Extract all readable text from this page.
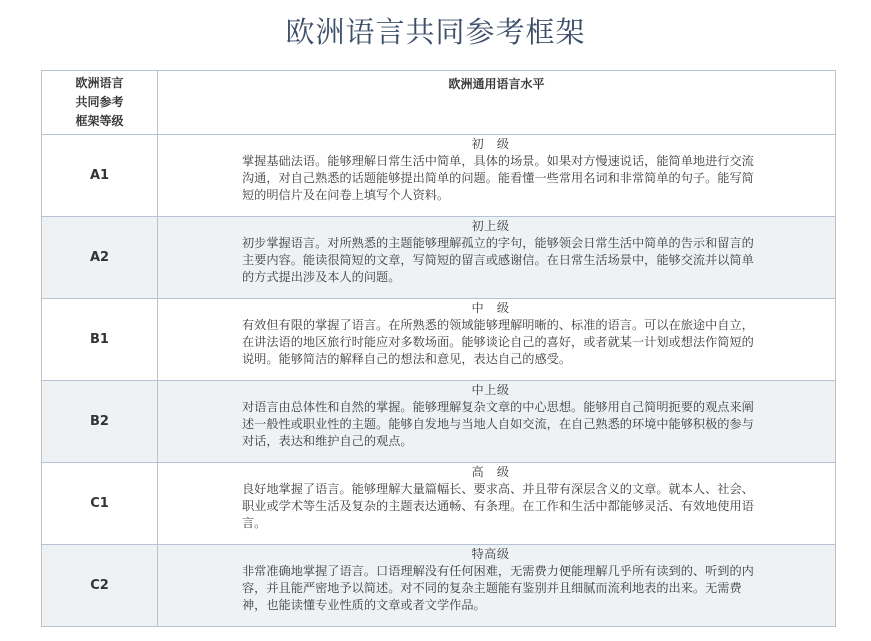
欧洲语言共同参考框架
欧洲语言
共同参考
框架等级	欧洲通用语言水平
A1	初　级
掌握基础法语。能够理解日常生活中简单，具体的场景。如果对方慢速说话，能简单地进行交流沟通，对自己熟悉的话题能够提出简单的问题。能看懂一些常用名词和非常简单的句子。能写简短的明信片及在问卷上填写个人资料。

A2	初上级
初步掌握语言。对所熟悉的主题能够理解孤立的字句，能够领会日常生活中简单的告示和留言的主要内容。能读很简短的文章，写简短的留言或感谢信。在日常生活场景中，能够交流并以简单的方式提出涉及本人的问题。

B1	中　级
有效但有限的掌握了语言。在所熟悉的领域能够理解明晰的、标准的语言。可以在旅途中自立，在讲法语的地区旅行时能应对多数场面。能够谈论自己的喜好，或者就某一计划或想法作简短的说明。能够简洁的解释自己的想法和意见，表达自己的感受。

B2	中上级
对语言由总体性和自然的掌握。能够理解复杂文章的中心思想。能够用自己简明扼要的观点来阐述一般性或职业性的主题。能够自发地与当地人自如交流，在自己熟悉的环境中能够积极的参与对话，表达和维护自己的观点。

C1	高　级
良好地掌握了语言。能够理解大量篇幅长、要求高、并且带有深层含义的文章。就本人、社会、职业或学术等生活及复杂的主题表达通畅、有条理。在工作和生活中都能够灵活、有效地使用语言。

C2	特高级
非常准确地掌握了语言。口语理解没有任何困难，无需费力便能理解几乎所有读到的、听到的内容，并且能严密地予以简述。对不同的复杂主题能有鉴别并且细腻而流利地表的出来。无需费神，也能读懂专业性质的文章或者文学作品。
